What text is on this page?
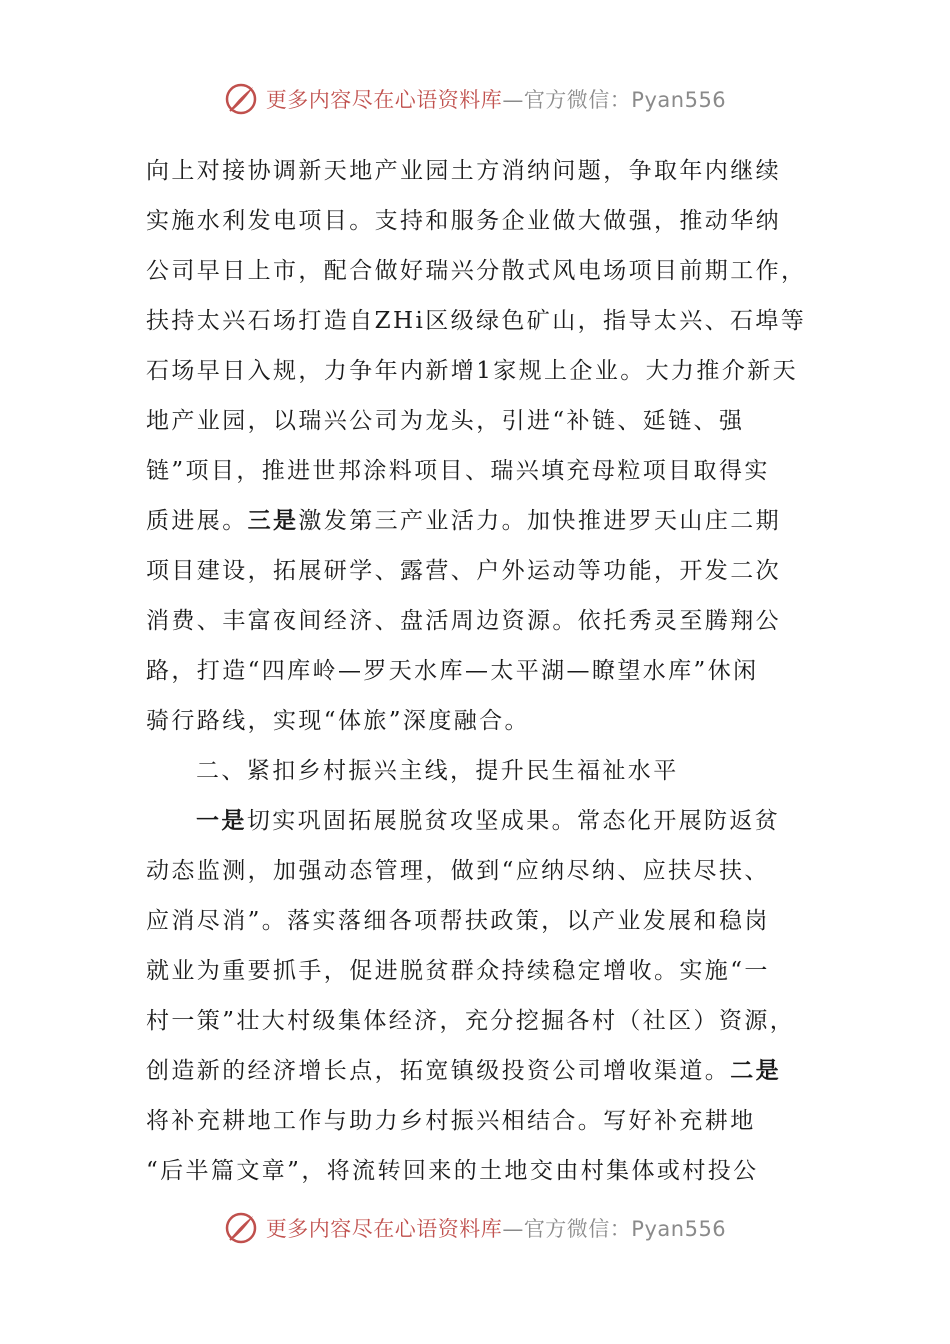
更多内容尽在心语资料库—官方微信：Pyan556
向上对接协调新天地产业园土方消纳问题，争取年内继续
实施水利发电项目。支持和服务企业做大做强，推动华纳
公司早日上市，配合做好瑞兴分散式风电场项目前期工作，
扶持太兴石场打造自ZHi区级绿色矿山，指导太兴、石埠等
石场早日入规，力争年内新增1家规上企业。大力推介新天
地产业园，以瑞兴公司为龙头，引进“补链、延链、强
链”项目，推进世邦涂料项目、瑞兴填充母粒项目取得实
质进展。三是激发第三产业活力。加快推进罗天山庄二期
项目建设，拓展研学、露营、户外运动等功能，开发二次
消费、丰富夜间经济、盘活周边资源。依托秀灵至腾翔公
路，打造“四库岭—罗天水库—太平湖—瞭望水库”休闲
骑行路线，实现“体旅”深度融合。
二、紧扣乡村振兴主线，提升民生福祉水平
一是切实巩固拓展脱贫攻坚成果。常态化开展防返贫
动态监测，加强动态管理，做到“应纳尽纳、应扶尽扶、
应消尽消”。落实落细各项帮扶政策，以产业发展和稳岗
就业为重要抓手，促进脱贫群众持续稳定增收。实施“一
村一策”壮大村级集体经济，充分挖掘各村（社区）资源，
创造新的经济增长点，拓宽镇级投资公司增收渠道。二是
将补充耕地工作与助力乡村振兴相结合。写好补充耕地
“后半篇文章”，将流转回来的土地交由村集体或村投公
更多内容尽在心语资料库—官方微信：Pyan556
